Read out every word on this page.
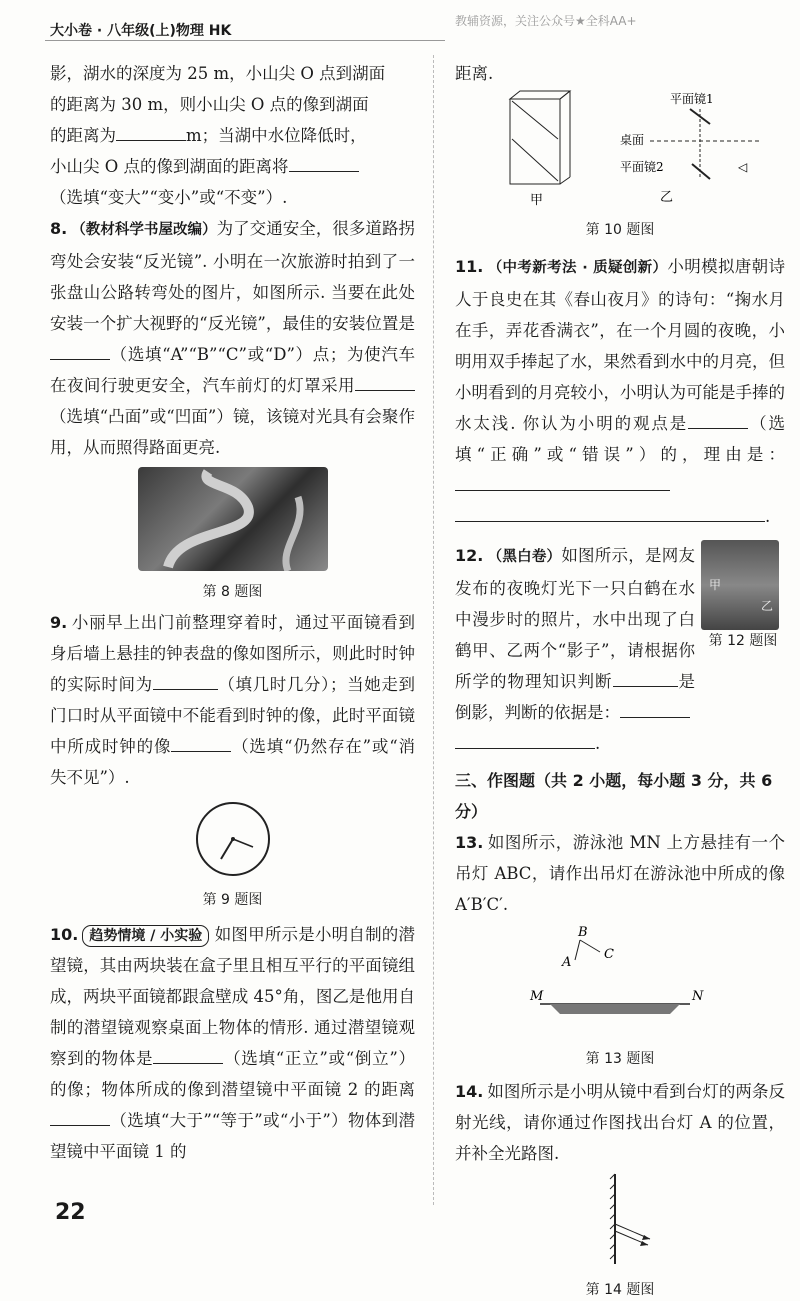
大小卷 · 八年级(上)物理 HK
教辅资源，关注公众号★全科AA+

影，湖水的深度为 25 m，小山尖 O 点到湖面
的距离为 30 m，则小山尖 O 点的像到湖面
的距离为	m；当湖中水位降低时，
小山尖 O 点的像到湖面的距离将
（选填“变大”“变小”或“不变”）.

8. （教材科学书屋改编）为了交通安全，很多道路拐弯处会安装“反光镜”. 小明在一次旅游时拍到了一张盘山公路转弯处的图片，如图所示. 当要在此处安装一个扩大视野的“反光镜”，最佳的安装位置是（选填“A”“B”“C”或“D”）点；为使汽车在夜间行驶更安全，汽车前灯的灯罩采用（选填“凸面”或“凹面”）镜，该镜对光具有会聚作用，从而照得路面更亮.

第 8 题图

9. 小丽早上出门前整理穿着时，通过平面镜看到身后墙上悬挂的钟表盘的像如图所示，则此时时钟的实际时间为	（填几时几分）；当她走到门口时从平面镜中不能看到时钟的像，此时平面镜中所成时钟的像	（选填“仍然存在”或“消失不见”）.

第 9 题图

10. 趋势情境 / 小实验 如图甲所示是小明自制的潜望镜，其由两块装在盒子里且相互平行的平面镜组成，两块平面镜都跟盒壁成 45°角，图乙是他用自制的潜望镜观察桌面上物体的情形. 通过潜望镜观察到的物体是	（选填“正立”或“倒立”）的像；物体所成的像到潜望镜中平面镜 2 的距离（选填“大于”“等于”或“小于”）物体到潜望镜中平面镜 1 的

距离.

甲
平面镜1
桌面
平面镜2	◁
乙
第 10 题图

11. （中考新考法 · 质疑创新）小明模拟唐朝诗人于良史在其《春山夜月》的诗句：“掬水月在手，弄花香满衣”，在一个月圆的夜晚，小明用双手捧起了水，果然看到水中的月亮，但小明看到的月亮较小，小明认为可能是手捧的水太浅. 你认为小明的观点是	（选填“正确”或“错误”）的，理由是：
.

12. （黑白卷）如图所示，是网友发布的夜晚灯光下一只白鹤在水中漫步时的照片，水中出现了白鹤甲、乙两个“影子”，请根据你所学的物理知识判断	是倒影，判断的依据是：
.

甲
乙
第 12 题图
三、作图题（共 2 小题，每小题 3 分，共 6 分）

13. 如图所示，游泳池 MN 上方悬挂有一个吊灯 ABC，请作出吊灯在游泳池中所成的像 A′B′C′.

B
A
C
M	N
第 13 题图

14. 如图所示是小明从镜中看到台灯的两条反射光线，请你通过作图找出台灯 A 的位置，并补全光路图.

第 14 题图
22
